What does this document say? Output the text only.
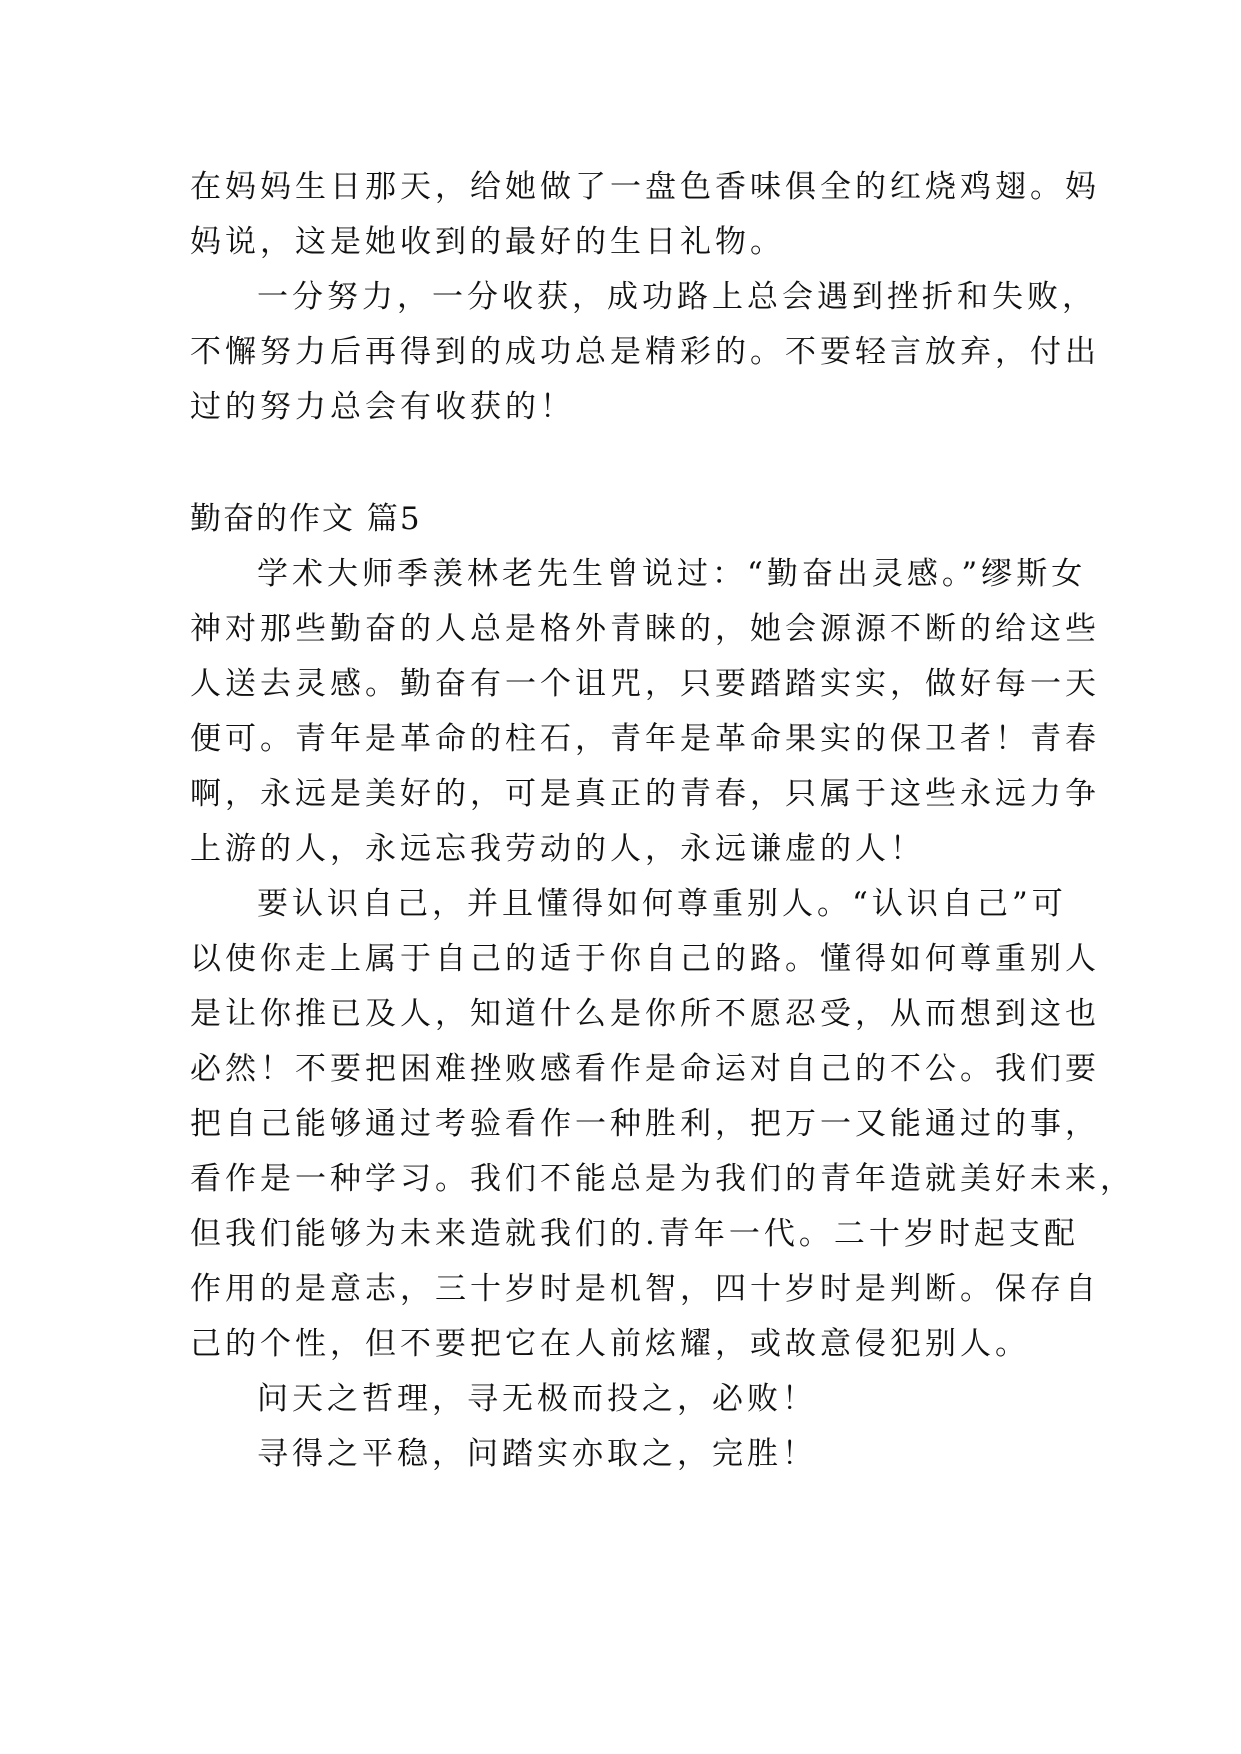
在妈妈生日那天，给她做了一盘色香味俱全的红烧鸡翅。妈
妈说，这是她收到的最好的生日礼物。
一分努力，一分收获，成功路上总会遇到挫折和失败，
不懈努力后再得到的成功总是精彩的。不要轻言放弃，付出
过的努力总会有收获的！
勤奋的作文 篇5
学术大师季羡林老先生曾说过：“勤奋出灵感。”缪斯女
神对那些勤奋的人总是格外青睐的，她会源源不断的给这些
人送去灵感。勤奋有一个诅咒，只要踏踏实实，做好每一天
便可。青年是革命的柱石，青年是革命果实的保卫者！青春
啊，永远是美好的，可是真正的青春，只属于这些永远力争
上游的人，永远忘我劳动的人，永远谦虚的人！
要认识自己，并且懂得如何尊重别人。“认识自己”可
以使你走上属于自己的适于你自己的路。懂得如何尊重别人
是让你推已及人，知道什么是你所不愿忍受，从而想到这也
必然！不要把困难挫败感看作是命运对自己的不公。我们要
把自己能够通过考验看作一种胜利，把万一又能通过的事，
看作是一种学习。我们不能总是为我们的青年造就美好未来，
但我们能够为未来造就我们的.青年一代。二十岁时起支配
作用的是意志，三十岁时是机智，四十岁时是判断。保存自
己的个性，但不要把它在人前炫耀，或故意侵犯别人。
问天之哲理，寻无极而投之，必败！
寻得之平稳，问踏实亦取之，完胜！
